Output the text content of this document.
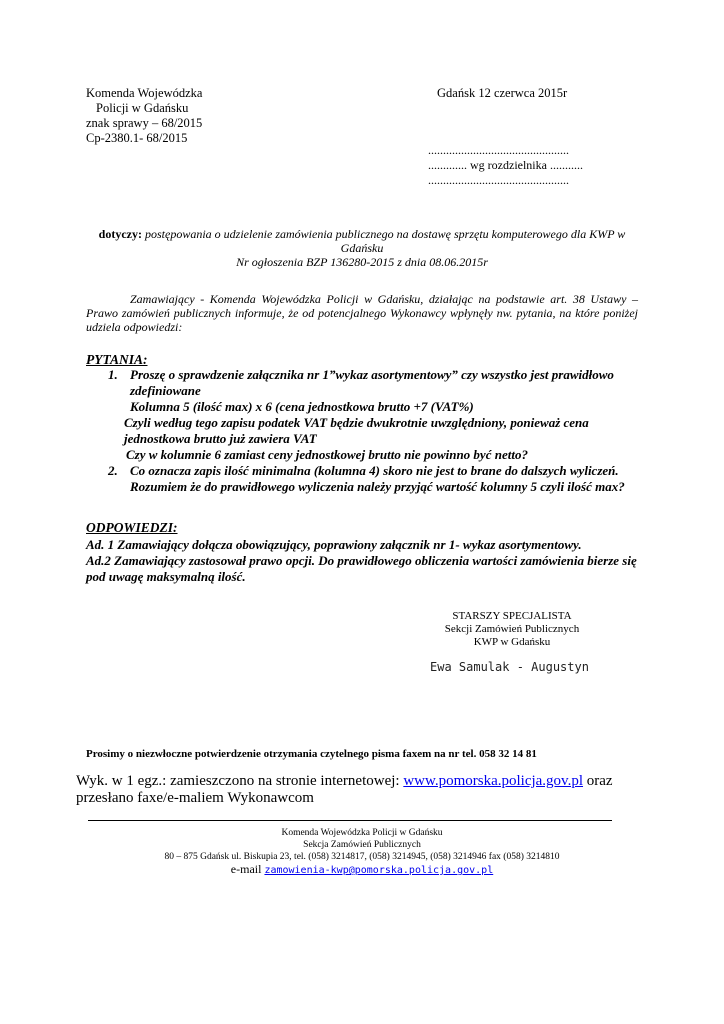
Komenda Wojewódzka
Policji w Gdańsku
znak sprawy – 68/2015
Cp-2380.1- 68/2015
Gdańsk 12 czerwca 2015r
...............................................
............. wg rozdzielnika ...........
...............................................
dotyczy: postępowania o udzielenie zamówienia publicznego na dostawę sprzętu komputerowego dla KWP w Gdańsku
Nr ogłoszenia BZP 136280-2015 z dnia 08.06.2015r
Zamawiający - Komenda Wojewódzka Policji w Gdańsku, działając na podstawie art. 38 Ustawy – Prawo zamówień publicznych informuje, że od potencjalnego Wykonawcy wpłynęły nw. pytania, na które poniżej udziela odpowiedzi:
PYTANIA:
1. Proszę o sprawdzenie załącznika nr 1”wykaz asortymentowy” czy wszystko jest prawidłowo zdefiniowane
Kolumna 5 (ilość max) x 6 (cena jednostkowa brutto +7 (VAT%)
Czyli według tego zapisu podatek VAT będzie dwukrotnie uwzględniony, ponieważ cena jednostkowa brutto już zawiera VAT
Czy w kolumnie 6 zamiast ceny jednostkowej brutto nie powinno być netto?
2. Co oznacza zapis ilość minimalna (kolumna 4) skoro nie jest to brane do dalszych wyliczeń. Rozumiem że do prawidłowego wyliczenia należy przyjąć wartość kolumny 5 czyli ilość max?
ODPOWIEDZI:
Ad. 1 Zamawiający dołącza obowiązujący, poprawiony załącznik nr 1- wykaz asortymentowy.
Ad.2 Zamawiający zastosował prawo opcji. Do prawidłowego obliczenia wartości zamówienia bierze się pod uwagę maksymalną ilość.
STARSZY SPECJALISTA
Sekcji Zamówień Publicznych
KWP w Gdańsku
Ewa Samulak - Augustyn
Prosimy o niezwłoczne potwierdzenie otrzymania czytelnego pisma faxem na nr tel. 058 32 14 81
Wyk. w 1 egz.: zamieszczono na stronie internetowej: www.pomorska.policja.gov.pl oraz przesłano faxe/e-maliem Wykonawcom
Komenda Wojewódzka Policji w Gdańsku
Sekcja Zamówień Publicznych
80 – 875 Gdańsk ul. Biskupia 23, tel. (058) 3214817, (058) 3214945, (058) 3214946 fax (058) 3214810
e-mail zamowienia-kwp@pomorska.policja.gov.pl
